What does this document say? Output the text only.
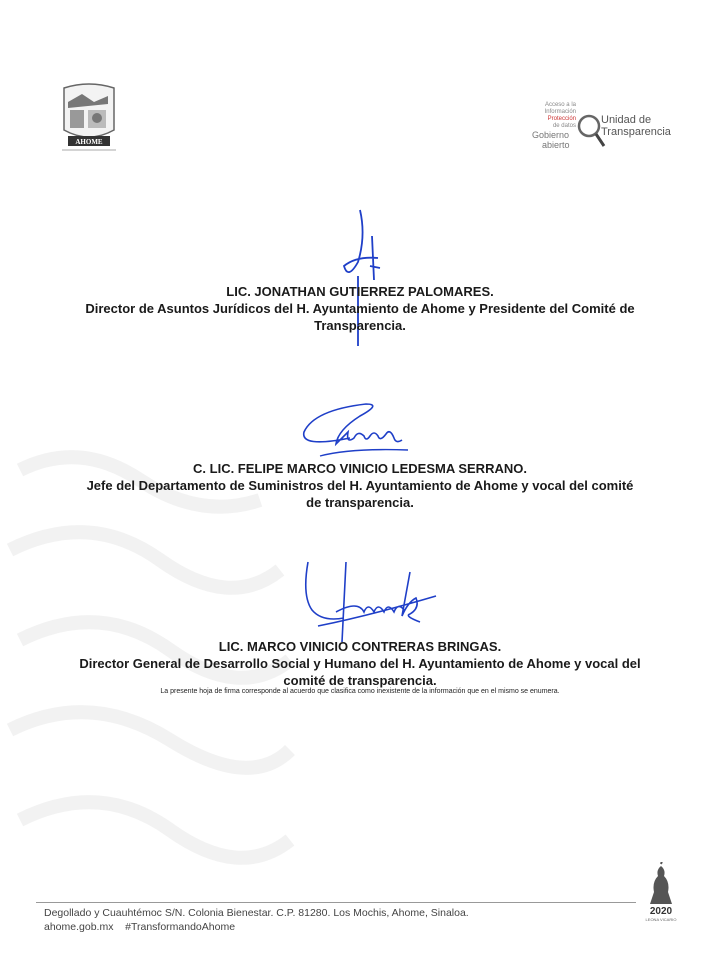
AHOME
Acceso a la
Información
Protección
de datos
Gobierno
abierto
Unidad de
Transparencia
LIC. JONATHAN GUTIERREZ PALOMARES.
Director de Asuntos Jurídicos del H. Ayuntamiento de Ahome y Presidente del Comité de Transparencia.
C. LIC. FELIPE MARCO VINICIO LEDESMA SERRANO.
Jefe del Departamento de Suministros del H. Ayuntamiento de Ahome y vocal del comité de transparencia.
LIC. MARCO VINICIO CONTRERAS BRINGAS.
Director General de Desarrollo Social y Humano del H. Ayuntamiento de Ahome y vocal del comité de transparencia.
La presente hoja de firma corresponde al acuerdo que clasifica como inexistente de la información que en el mismo se enumera.
Degollado y Cuauhtémoc S/N. Colonia Bienestar. C.P. 81280. Los Mochis, Ahome, Sinaloa.
ahome.gob.mx    #TransformandoAhome
2020
LEONA VICARIO
